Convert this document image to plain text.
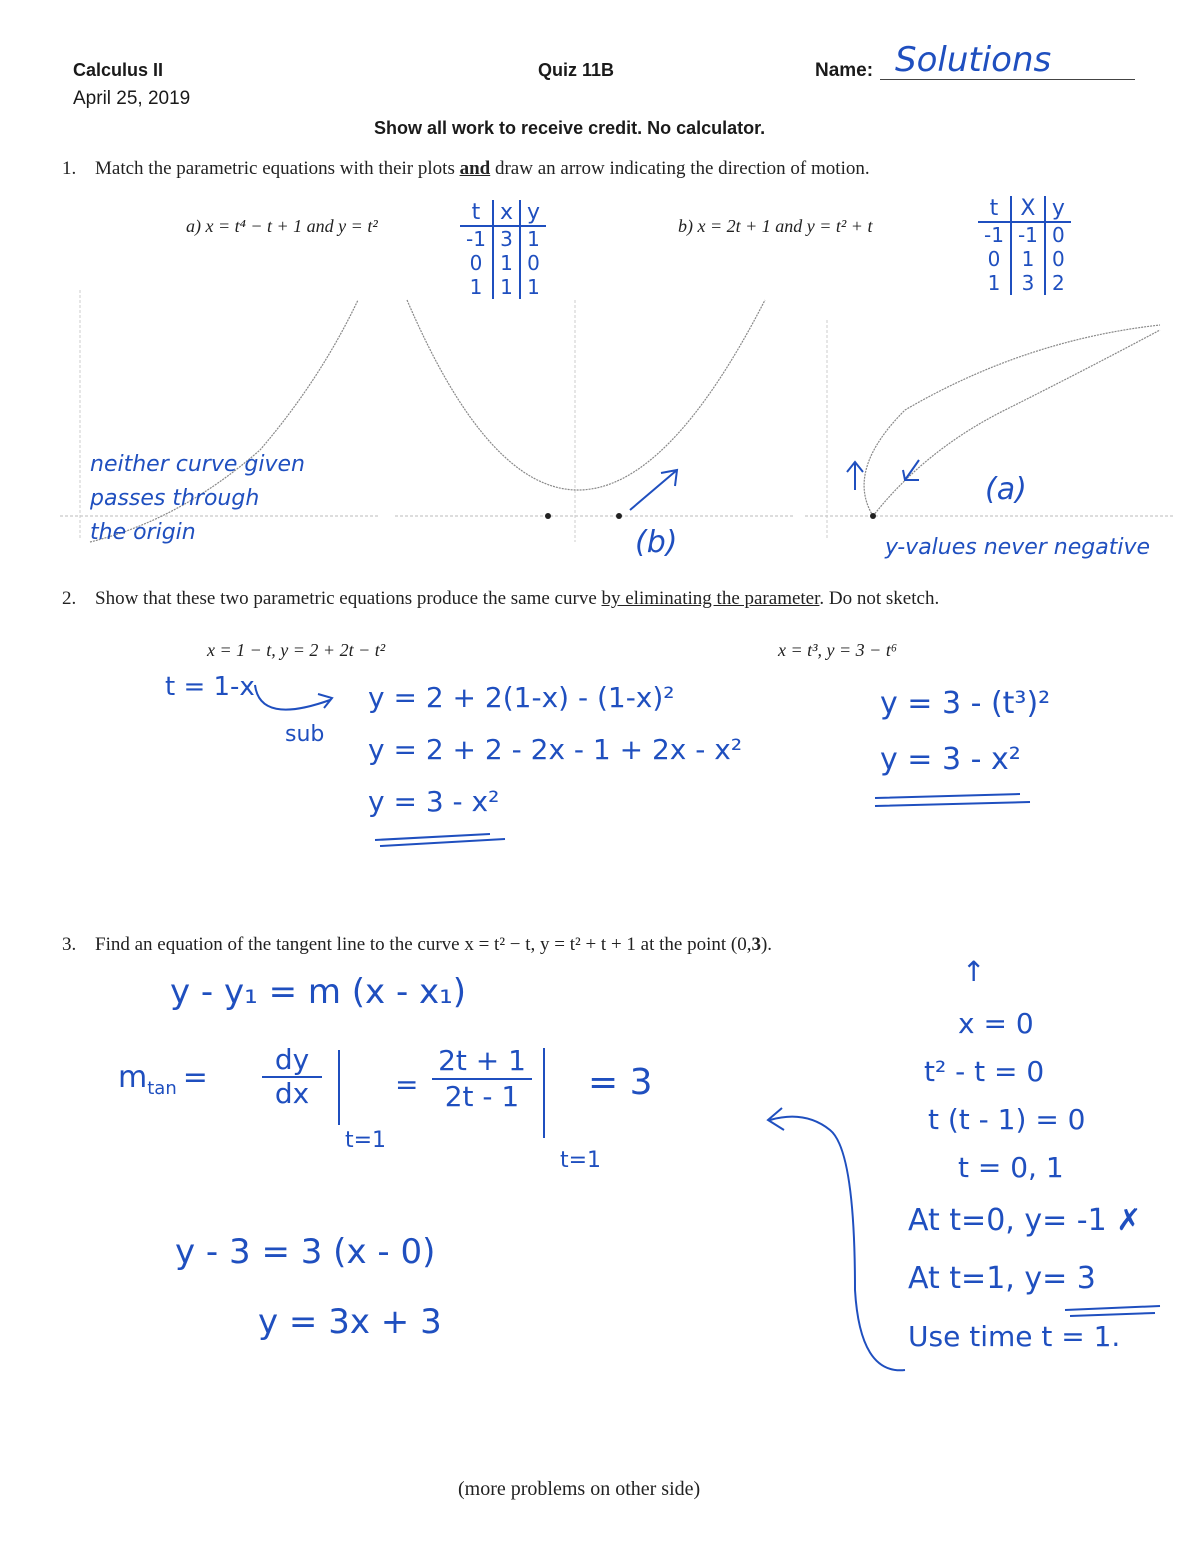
Calculus II
April 25, 2019
Quiz 11B	Name: Solutions
Show all work to receive credit. No calculator.
1. Match the parametric equations with their plots and draw an arrow indicating the direction of motion.
a) x = t⁴ − t + 1 and y = t²	b) x = 2t + 1 and y = t² + t
t	x	y
-1	3	1
0	1	0
1	1	1
t	X	y
-1	-1	0
0	1	0
1	3	2
neither curve given
passes through
the origin	(b)
(a)
y-values never negative
2. Show that these two parametric equations produce the same curve by eliminating the parameter. Do not sketch.
x = 1 − t, y = 2 + 2t − t²	x = t³, y = 3 − t⁶
t = 1-x
sub
y = 2 + 2(1-x) - (1-x)²
y = 2 + 2 - 2x - 1 + 2x - x²
y = 3 - x²
y = 3 - (t³)²
y = 3 - x²
3. Find an equation of the tangent line to the curve x = t² − t, y = t² + t + 1 at the point (0,3).
y - y₁ = m (x - x₁)
$m_{tan}$ =
dy
dx
t=1
= $\frac{2t + 1}{2t - 1}$
t=1
= 3
y - 3 = 3 (x - 0)
y = 3x + 3
↑
x = 0
t² - t = 0
t (t - 1) = 0
t = 0, 1
At t=0, y= -1 ✗
At t=1, y= 3
Use time t = 1.
(more problems on other side)
